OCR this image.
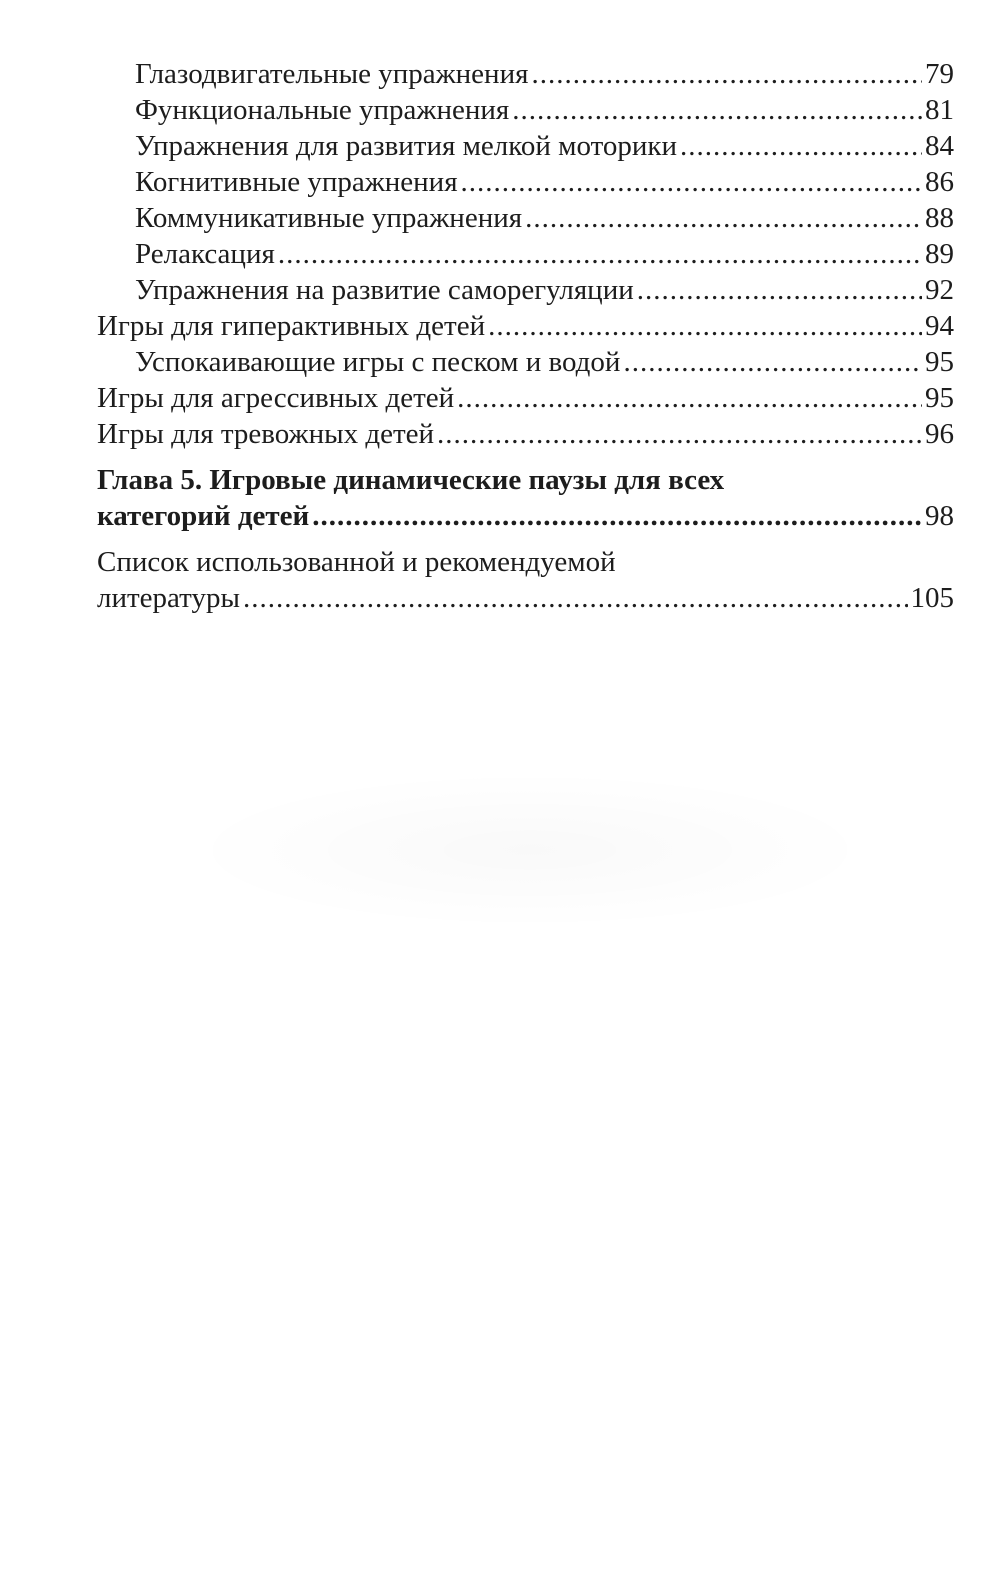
Глазодвигательные упражнения .....	79
Функциональные упражнения .....	81
Упражнения для развития мелкой моторики .....	84
Когнитивные упражнения .....	86
Коммуникативные упражнения .....	88
Релаксация .....	89
Упражнения на развитие саморегуляции .....	92
Игры для гиперактивных детей .....	94
Успокаивающие игры с песком и водой .....	95
Игры для агрессивных детей .....	95
Игры для тревожных детей .....	96
Глава 5. Игровые динамические паузы для всех
категорий детей .....	98
Список использованной и рекомендуемой
литературы .....	105
